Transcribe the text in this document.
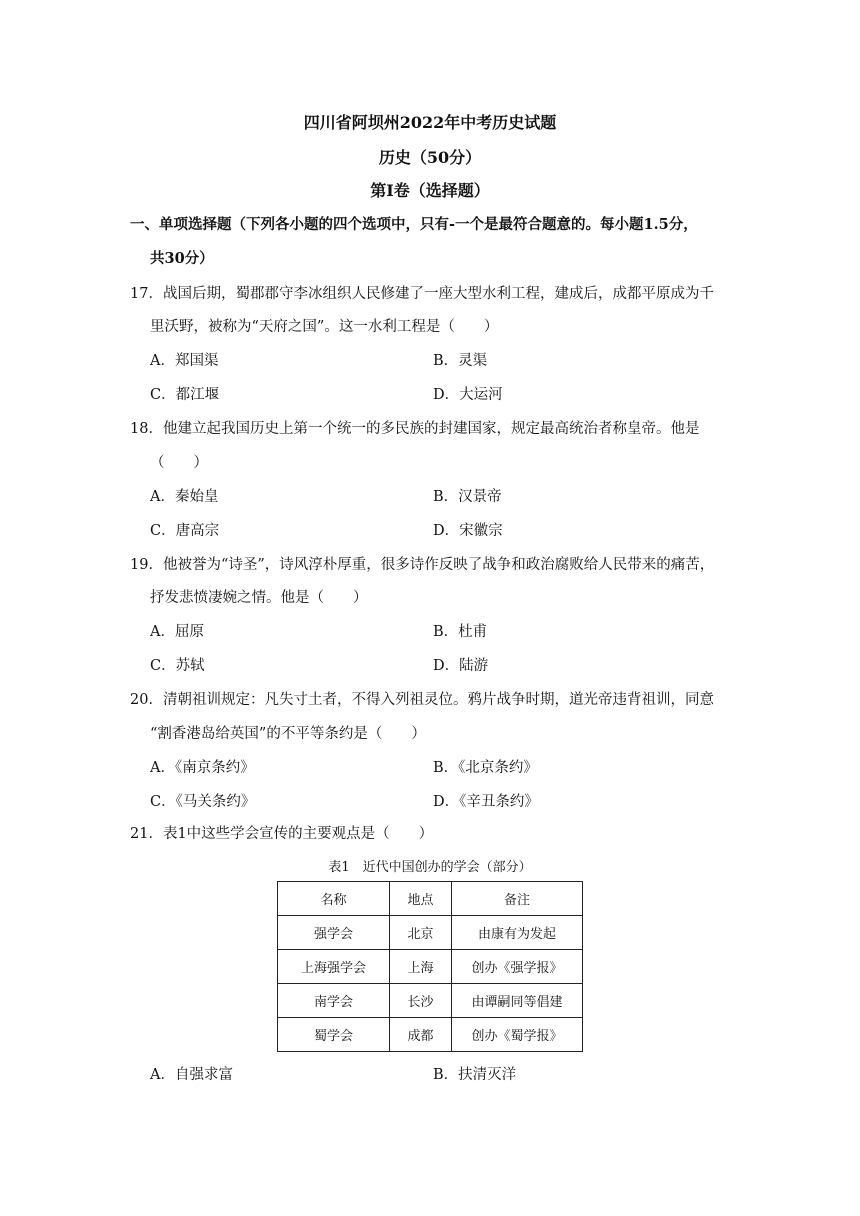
四川省阿坝州2022年中考历史试题
历史（50分）
第I卷（选择题）
一、单项选择题（下列各小题的四个选项中，只有-一个是最符合题意的。每小题1.5分，
共30分）
17．战国后期，蜀郡郡守李冰组织人民修建了一座大型水利工程，建成后，成都平原成为千
里沃野，被称为“天府之国”。这一水利工程是（　　）
A．郑国渠	B．灵渠
C．都江堰	D．大运河
18．他建立起我国历史上第一个统一的多民族的封建国家，规定最高统治者称皇帝。他是
（　　）
A．秦始皇	B．汉景帝
C．唐高宗	D．宋徽宗
19．他被誉为“诗圣”，诗风淳朴厚重，很多诗作反映了战争和政治腐败给人民带来的痛苦，
抒发悲愤凄婉之情。他是（　　）
A．屈原	B．杜甫
C．苏轼	D．陆游
20．清朝祖训规定：凡失寸土者，不得入列祖灵位。鸦片战争时期，道光帝违背祖训，同意
“割香港岛给英国”的不平等条约是（　　）
A．《南京条约》	B．《北京条约》
C．《马关条约》	D．《辛丑条约》
21．表1中这些学会宣传的主要观点是（　　）
表1　近代中国创办的学会（部分）
名称	地点	备注
强学会	北京	由康有为发起
上海强学会	上海	创办《强学报》
南学会	长沙	由谭嗣同等倡建
蜀学会	成都	创办《蜀学报》
A．自强求富	B．扶清灭洋
